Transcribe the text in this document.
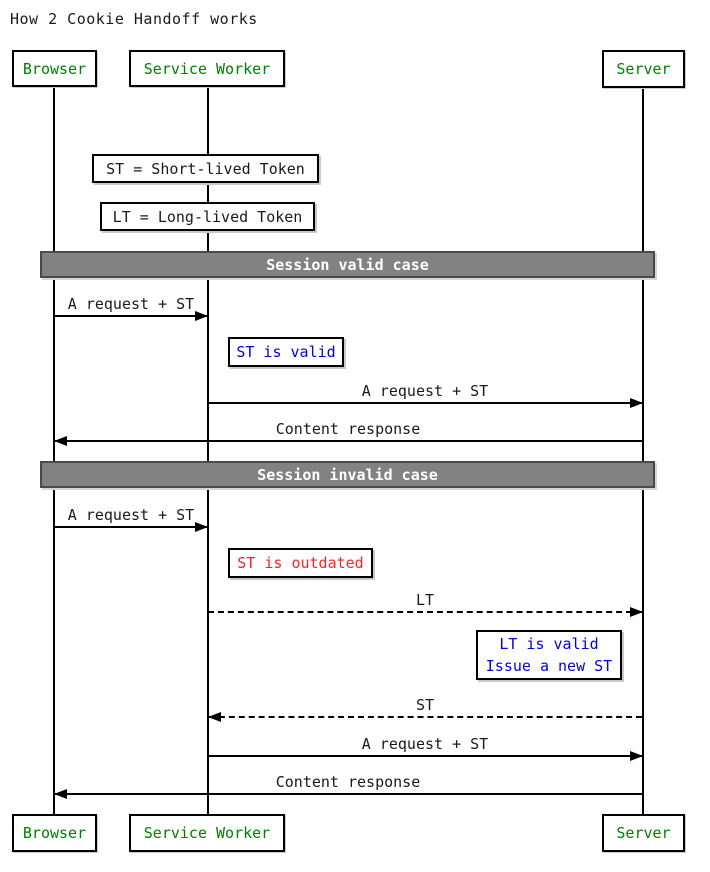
How 2 Cookie Handoff works
Browser	Service Worker	Server
ST = Short-lived Token
LT = Long-lived Token
Session valid case
A request + ST
ST is valid
A request + ST
Content response
Session invalid case
A request + ST
ST is outdated
LT
LT is valid
Issue a new ST
ST
A request + ST
Content response
Browser	Service Worker	Server
